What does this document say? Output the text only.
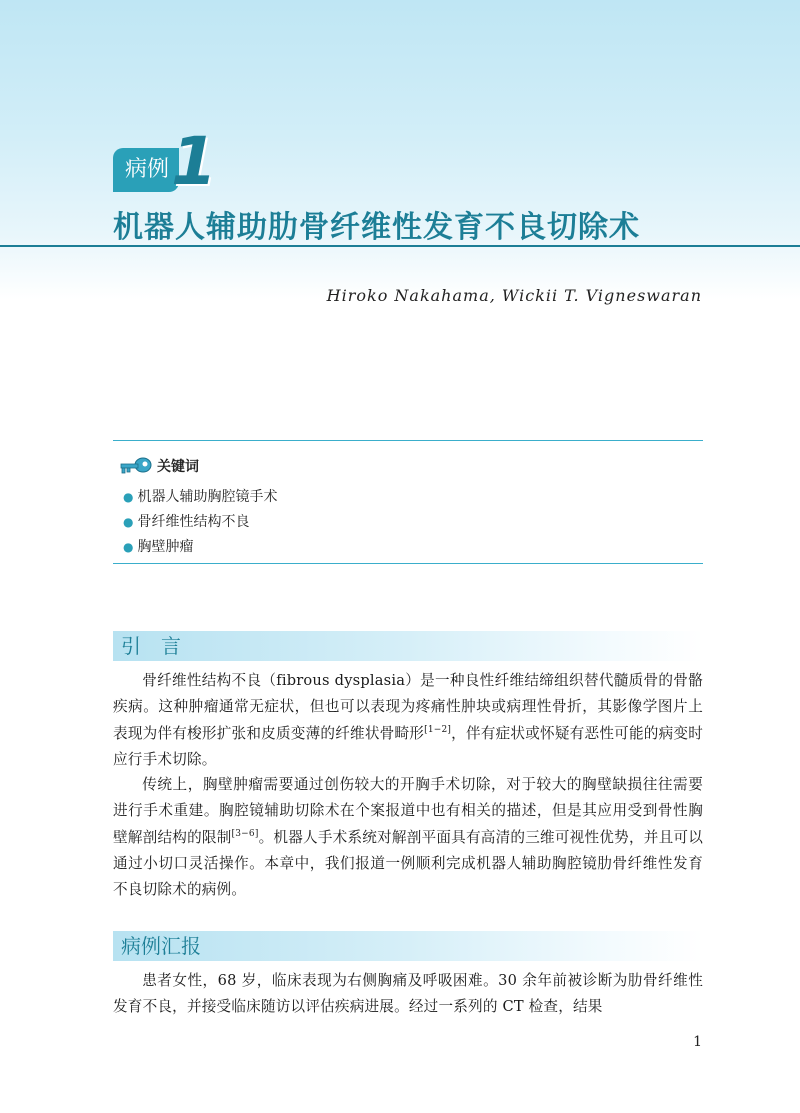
病例 1
机器人辅助肋骨纤维性发育不良切除术
Hiroko Nakahama, Wickii T. Vigneswaran
关键词
● 机器人辅助胸腔镜手术
● 骨纤维性结构不良
● 胸壁肿瘤
引　言

骨纤维性结构不良（fibrous dysplasia）是一种良性纤维结缔组织替代髓质骨的骨骼疾病。这种肿瘤通常无症状，但也可以表现为疼痛性肿块或病理性骨折，其影像学图片上表现为伴有梭形扩张和皮质变薄的纤维状骨畸形[1−2]，伴有症状或怀疑有恶性可能的病变时应行手术切除。

传统上，胸壁肿瘤需要通过创伤较大的开胸手术切除，对于较大的胸壁缺损往往需要进行手术重建。胸腔镜辅助切除术在个案报道中也有相关的描述，但是其应用受到骨性胸壁解剖结构的限制[3−6]。机器人手术系统对解剖平面具有高清的三维可视性优势，并且可以通过小切口灵活操作。本章中，我们报道一例顺利完成机器人辅助胸腔镜肋骨纤维性发育不良切除术的病例。

病例汇报

患者女性，68 岁，临床表现为右侧胸痛及呼吸困难。30 余年前被诊断为肋骨纤维性发育不良，并接受临床随访以评估疾病进展。经过一系列的 CT 检查，结果

1
